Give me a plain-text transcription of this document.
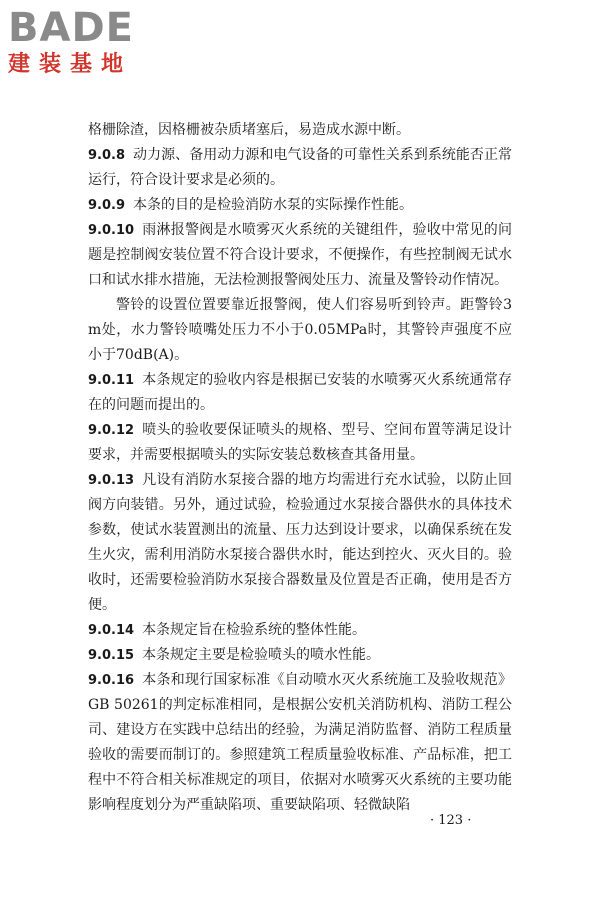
BADE
建装基地

格栅除渣，因格栅被杂质堵塞后，易造成水源中断。

9.0.8 动力源、备用动力源和电气设备的可靠性关系到系统能否正常运行，符合设计要求是必须的。

9.0.9 本条的目的是检验消防水泵的实际操作性能。

9.0.10 雨淋报警阀是水喷雾灭火系统的关键组件，验收中常见的问题是控制阀安装位置不符合设计要求，不便操作，有些控制阀无试水口和试水排水措施，无法检测报警阀处压力、流量及警铃动作情况。

警铃的设置位置要靠近报警阀，使人们容易听到铃声。距警铃3m处，水力警铃喷嘴处压力不小于0.05MPa时，其警铃声强度不应小于70dB(A)。

9.0.11 本条规定的验收内容是根据已安装的水喷雾灭火系统通常存在的问题而提出的。

9.0.12 喷头的验收要保证喷头的规格、型号、空间布置等满足设计要求，并需要根据喷头的实际安装总数核查其备用量。

9.0.13 凡设有消防水泵接合器的地方均需进行充水试验，以防止回阀方向装错。另外，通过试验，检验通过水泵接合器供水的具体技术参数，使试水装置测出的流量、压力达到设计要求，以确保系统在发生火灾，需利用消防水泵接合器供水时，能达到控火、灭火目的。验收时，还需要检验消防水泵接合器数量及位置是否正确，使用是否方便。

9.0.14 本条规定旨在检验系统的整体性能。

9.0.15 本条规定主要是检验喷头的喷水性能。

9.0.16 本条和现行国家标准《自动喷水灭火系统施工及验收规范》GB 50261的判定标准相同，是根据公安机关消防机构、消防工程公司、建设方在实践中总结出的经验，为满足消防监督、消防工程质量验收的需要而制订的。参照建筑工程质量验收标准、产品标准，把工程中不符合相关标准规定的项目，依据对水喷雾灭火系统的主要功能影响程度划分为严重缺陷项、重要缺陷项、轻微缺陷

· 123 ·
